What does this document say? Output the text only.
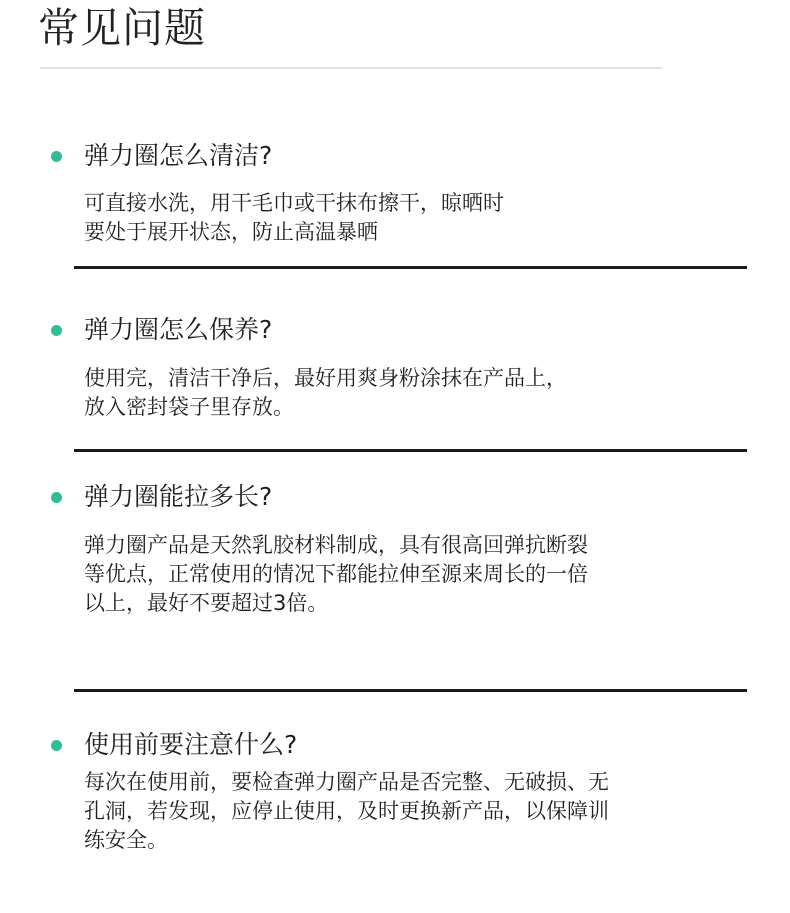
常见问题
弹力圈怎么清洁?
可直接水洗，用干毛巾或干抹布擦干，晾晒时
要处于展开状态，防止高温暴晒
弹力圈怎么保养?
使用完，清洁干净后，最好用爽身粉涂抹在产品上，
放入密封袋子里存放。
弹力圈能拉多长?
弹力圈产品是天然乳胶材料制成，具有很高回弹抗断裂
等优点，正常使用的情况下都能拉伸至源来周长的一倍
以上，最好不要超过3倍。
使用前要注意什么?
每次在使用前，要检查弹力圈产品是否完整、无破损、无
孔洞，若发现，应停止使用，及时更换新产品，以保障训
练安全。
